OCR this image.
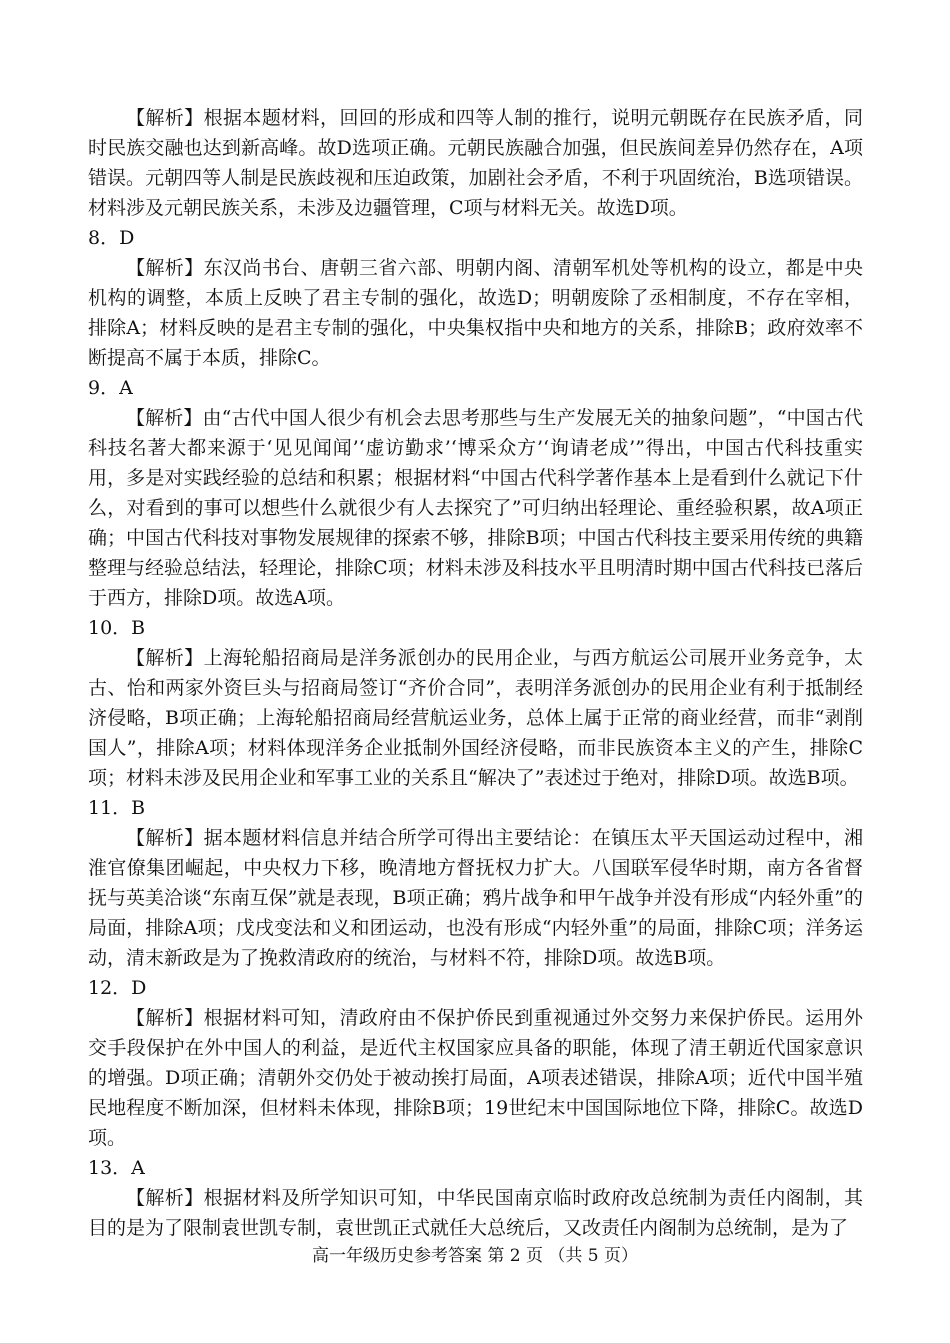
【解析】根据本题材料，回回的形成和四等人制的推行，说明元朝既存在民族矛盾，同时民族交融也达到新高峰。故D选项正确。元朝民族融合加强，但民族间差异仍然存在，A项错误。元朝四等人制是民族歧视和压迫政策，加剧社会矛盾，不利于巩固统治，B选项错误。材料涉及元朝民族关系，未涉及边疆管理，C项与材料无关。故选D项。

8．D

【解析】东汉尚书台、唐朝三省六部、明朝内阁、清朝军机处等机构的设立，都是中央机构的调整，本质上反映了君主专制的强化，故选D；明朝废除了丞相制度，不存在宰相，排除A；材料反映的是君主专制的强化，中央集权指中央和地方的关系，排除B；政府效率不断提高不属于本质，排除C。

9．A

【解析】由“古代中国人很少有机会去思考那些与生产发展无关的抽象问题”，“中国古代科技名著大都来源于‘见见闻闻’‘虚访勤求’‘博采众方’‘询请老成’”得出，中国古代科技重实用，多是对实践经验的总结和积累；根据材料“中国古代科学著作基本上是看到什么就记下什么，对看到的事可以想些什么就很少有人去探究了”可归纳出轻理论、重经验积累，故A项正确；中国古代科技对事物发展规律的探索不够，排除B项；中国古代科技主要采用传统的典籍整理与经验总结法，轻理论，排除C项；材料未涉及科技水平且明清时期中国古代科技已落后于西方，排除D项。故选A项。

10．B

【解析】上海轮船招商局是洋务派创办的民用企业，与西方航运公司展开业务竞争，太古、怡和两家外资巨头与招商局签订“齐价合同”，表明洋务派创办的民用企业有利于抵制经济侵略，B项正确；上海轮船招商局经营航运业务，总体上属于正常的商业经营，而非“剥削国人”，排除A项；材料体现洋务企业抵制外国经济侵略，而非民族资本主义的产生，排除C项；材料未涉及民用企业和军事工业的关系且“解决了”表述过于绝对，排除D项。故选B项。

11．B

【解析】据本题材料信息并结合所学可得出主要结论：在镇压太平天国运动过程中，湘淮官僚集团崛起，中央权力下移，晚清地方督抚权力扩大。八国联军侵华时期，南方各省督抚与英美洽谈“东南互保”就是表现，B项正确；鸦片战争和甲午战争并没有形成“内轻外重”的局面，排除A项；戊戌变法和义和团运动，也没有形成“内轻外重”的局面，排除C项；洋务运动，清末新政是为了挽救清政府的统治，与材料不符，排除D项。故选B项。

12．D

【解析】根据材料可知，清政府由不保护侨民到重视通过外交努力来保护侨民。运用外交手段保护在外中国人的利益，是近代主权国家应具备的职能，体现了清王朝近代国家意识的增强。D项正确；清朝外交仍处于被动挨打局面，A项表述错误，排除A项；近代中国半殖民地程度不断加深，但材料未体现，排除B项；19世纪末中国国际地位下降，排除C。故选D项。

13．A

【解析】根据材料及所学知识可知，中华民国南京临时政府改总统制为责任内阁制，其目的是为了限制袁世凯专制，袁世凯正式就任大总统后，又改责任内阁制为总统制，是为了

高一年级历史参考答案 第 2 页 （共 5 页）
